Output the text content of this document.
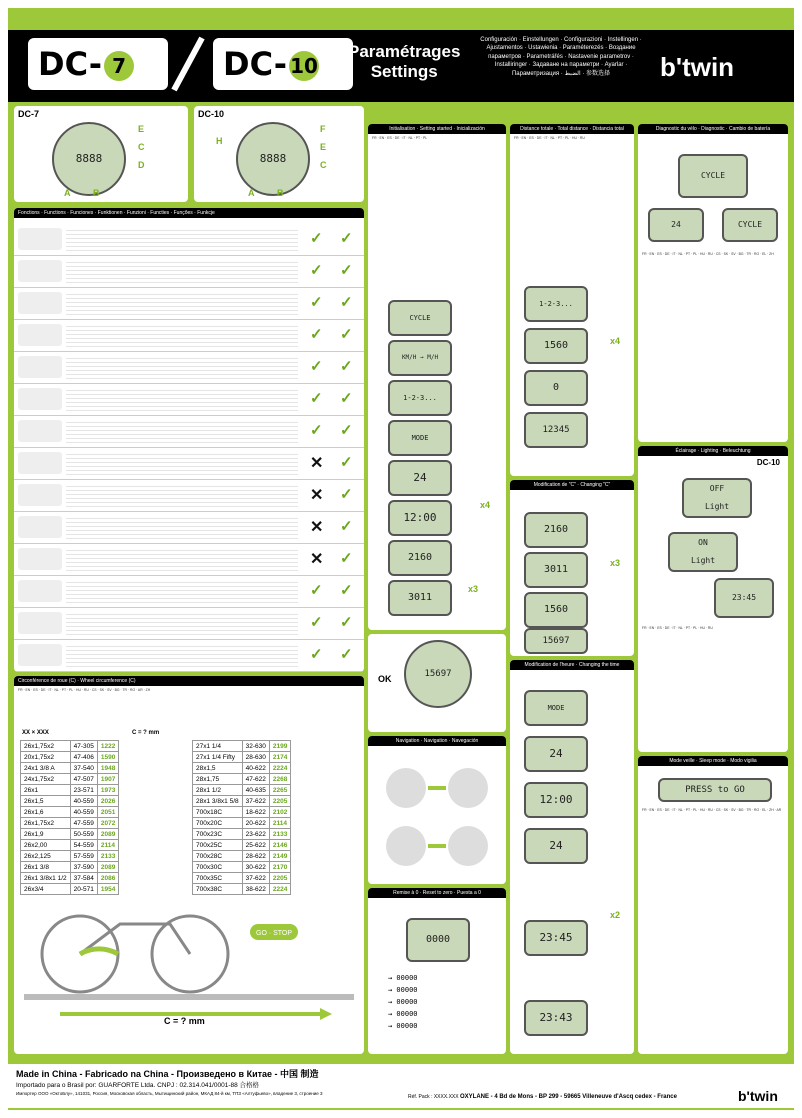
DC- 7	DC- 10
Paramétrages
Settings
Configuración · Einstellungen · Configurazioni · Instellingen · Ajustamentos · Ustawienia · Paraméterezés · Bоздание параметров · Parametrářés · Nastavenie parametrov · Installiringer · Задаване на параметри · Ayarlar · Параметризация · الضبط · 参数选择	b'twin
DC-7
8888
E
C
D
A	B
DC-10
8888
H
F
E
C
A	B
Fonctions · Functions · Funciones · Funktionen · Funzioni · Functies · Funções · Funkcje	DC-7 DC-10
✓ ✓
✓ ✓
✓ ✓
✓ ✓
✓ ✓
✓ ✓
✓ ✓
✕ ✓
✕ ✓
✕ ✓
✕ ✓
✓ ✓
✓ ✓
✓ ✓
Circonférence de roue (C) · Wheel circumference (C)
FR · EN · ES · DE · IT · NL · PT · PL · HU · RU · CS · SK · SV · BG · TR · RO · AR · ZH
XX × XXX	C = ? mm
26x1,75x2	47-305	1222
20x1,75x2	47-406	1590
24x1 3/8 A	37-540	1948
24x1,75x2	47-507	1907
26x1	23-571	1973
26x1,5	40-559	2026
26x1,6	40-559	2051
26x1,75x2	47-559	2072
26x1,9	50-559	2089
26x2,00	54-559	2114
26x2,125	57-559	2133
26x1 3/8	37-590	2089
26x1 3/8x1 1/2	37-584	2086
26x3/4	20-571	1954
27x1 1/4	32-630	2199
27x1 1/4 Fifty	28-630	2174
28x1,5	40-622	2224
28x1,75	47-622	2268
28x1 1/2	40-635	2265
28x1 3/8x1 5/8	37-622	2205
700x18C	18-622	2102
700x20C	20-622	2114
700x23C	23-622	2133
700x25C	25-622	2146
700x28C	28-622	2149
700x30C	30-622	2170
700x35C	37-622	2205
700x38C	38-622	2224
GO · STOP
C = ? mm
Initialisation · Setting started · Inicialización
FR · EN · ES · DE · IT · NL · PT · PL
CYCLE
KM/H → M/H
1-2-3...
x4
MODE
24
12:00
2160
3011
x3
15697
OK
Navigation · Navigation · Navegación
Remise à 0 · Reset to zero · Puesta a 0
0000
→ 00000
→ 00000
→ 00000
→ 00000
→ 00000
Distance totale · Total distance · Distancia total
FR · EN · ES · DE · IT · NL · PT · PL · HU · RU
1-2-3...
1560	x4
0
12345
Modification de "C" · Changing "C"
2160
3011
x3
1560
15697
Modification de l'heure · Changing the time
MODE
24
12:00
24
x2
23:45
23:43
Diagnostic du vélo · Diagnostic · Cambio de batería
CYCLE
24	CYCLE
FR · EN · ES · DE · IT · NL · PT · PL · HU · RU · CS · SK · SV · BG · TR · RO · EL · ZH
Éclairage · Lighting · Beleuchtung
DC-10
OFF
Light
ON
Light
23:45
FR · EN · ES · DE · IT · NL · PT · PL · HU · RU
Mode veille · Sleep mode · Modo vigilia
PRESS to GO
FR · EN · ES · DE · IT · NL · PT · PL · HU · RU · CS · SK · SV · BG · TR · RO · EL · ZH · AR
Made in China - Fabricado na China - Произведено в Китае - 中国 制造
Importado para o Brasil por: GUARFORTE Ltda. CNPJ : 02.314.041/0001-88 合格格
Импортер ООО «ОктоБлу», 141031, Россия, Московская область, Мытищинский район, МКАД 84-й км, ТПЗ «Алтуфьево», владение 3, строение 3
Réf. Pack : XXXX.XXX OXYLANE - 4 Bd de Mons - BP 299 - 59665 Villeneuve d'Ascq cedex - France	b'twin
